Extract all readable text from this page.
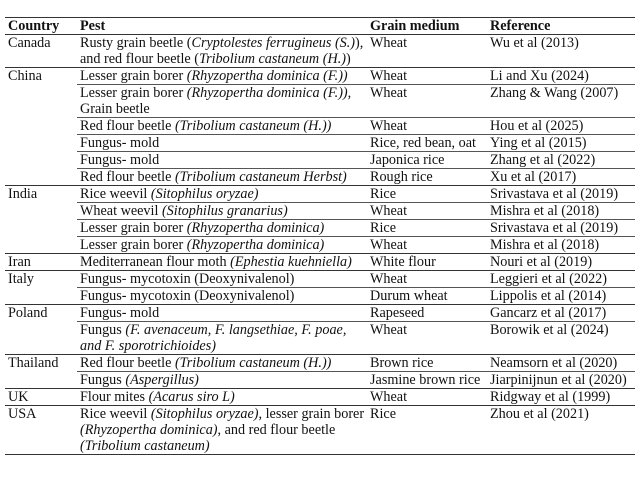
Country	Pest	Grain medium	Reference
Canada	Rusty grain beetle (Cryptolestes ferrugineus (S.)), and red flour beetle (Tribolium castaneum (H.))	Wheat	Wu et al (2013)
China	Lesser grain borer (Rhyzopertha dominica (F.))	Wheat	Li and Xu (2024)
	Lesser grain borer (Rhyzopertha dominica (F.)), Grain beetle	Wheat	Zhang & Wang (2007)
	Red flour beetle (Tribolium castaneum (H.))	Wheat	Hou et al (2025)
	Fungus- mold	Rice, red bean, oat	Ying et al (2015)
	Fungus- mold	Japonica rice	Zhang et al (2022)
	Red flour beetle (Tribolium castaneum Herbst)	Rough rice	Xu et al (2017)
India	Rice weevil (Sitophilus oryzae)	Rice	Srivastava et al (2019)
	Wheat weevil (Sitophilus granarius)	Wheat	Mishra et al (2018)
	Lesser grain borer (Rhyzopertha dominica)	Rice	Srivastava et al (2019)
	Lesser grain borer (Rhyzopertha dominica)	Wheat	Mishra et al (2018)
Iran	Mediterranean flour moth (Ephestia kuehniella)	White flour	Nouri et al (2019)
Italy	Fungus- mycotoxin (Deoxynivalenol)	Wheat	Leggieri et al (2022)
	Fungus- mycotoxin (Deoxynivalenol)	Durum wheat	Lippolis et al (2014)
Poland	Fungus- mold	Rapeseed	Gancarz et al (2017)
	Fungus (F. avenaceum, F. langsethiae, F. poae, and F. sporotrichioides)	Wheat	Borowik et al (2024)
Thailand	Red flour beetle (Tribolium castaneum (H.))	Brown rice	Neamsorn et al (2020)
	Fungus (Aspergillus)	Jasmine brown rice	Jiarpinijnun et al (2020)
UK	Flour mites (Acarus siro L)	Wheat	Ridgway et al (1999)
USA	Rice weevil (Sitophilus oryzae), lesser grain borer (Rhyzopertha dominica), and red flour beetle (Tribolium castaneum)	Rice	Zhou et al (2021)
